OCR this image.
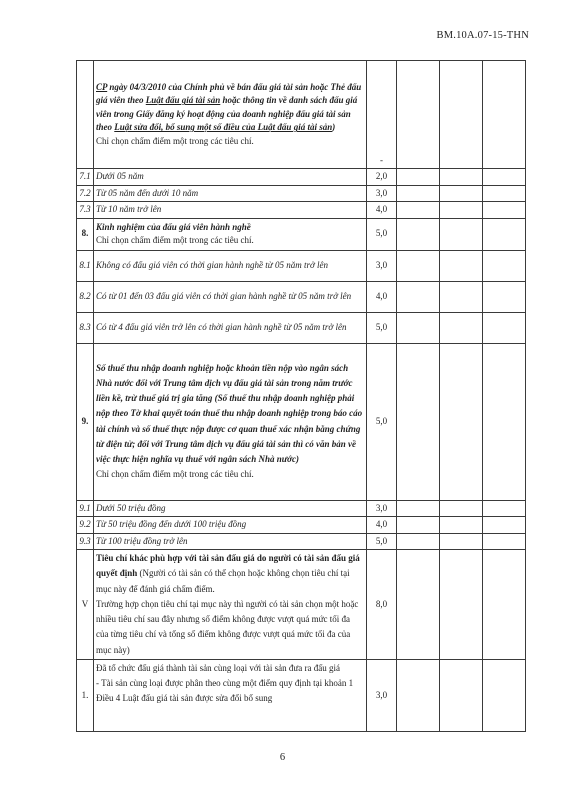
BM.10A.07-15-THN
	CP ngày 04/3/2010 của Chính phủ về bán đấu giá tài sản hoặc Thẻ đấu giá viên theo Luật đấu giá tài sản hoặc thông tin về danh sách đấu giá viên trong Giấy đăng ký hoạt động của doanh nghiệp đấu giá tài sản theo Luật sửa đổi, bổ sung một số điều của Luật đấu giá tài sản)
Chỉ chọn chấm điểm một trong các tiêu chí.	-			
7.1	Dưới 05 năm	2,0			
7.2	Từ 05 năm đến dưới 10 năm	3,0			
7.3	Từ 10 năm trở lên	4,0			
8.	Kinh nghiệm của đấu giá viên hành nghề
Chỉ chọn chấm điểm một trong các tiêu chí.	5,0			
8.1	Không có đấu giá viên có thời gian hành nghề từ 05 năm trở lên	3,0			
8.2	Có từ 01 đến 03 đấu giá viên có thời gian hành nghề từ 05 năm trở lên	4,0			
8.3	Có từ 4 đấu giá viên trở lên có thời gian hành nghề từ 05 năm trở lên	5,0			
9.	Số thuế thu nhập doanh nghiệp hoặc khoản tiền nộp vào ngân sách Nhà nước đối với Trung tâm dịch vụ đấu giá tài sản trong năm trước liền kề, trừ thuế giá trị gia tăng (Số thuế thu nhập doanh nghiệp phải nộp theo Tờ khai quyết toán thuế thu nhập doanh nghiệp trong báo cáo tài chính và số thuế thực nộp được cơ quan thuế xác nhận bằng chứng từ điện tử; đối với Trung tâm dịch vụ đấu giá tài sản thì có văn bản về việc thực hiện nghĩa vụ thuế với ngân sách Nhà nước)
Chỉ chọn chấm điểm một trong các tiêu chí.	5,0			
9.1	Dưới 50 triệu đồng	3,0			
9.2	Từ 50 triệu đồng đến dưới 100 triệu đồng	4,0			
9.3	Từ 100 triệu đồng trở lên	5,0			
V	Tiêu chí khác phù hợp với tài sản đấu giá do người có tài sản đấu giá quyết định (Người có tài sản có thể chọn hoặc không chọn tiêu chí tại mục này để đánh giá chấm điểm.
Trường hợp chọn tiêu chí tại mục này thì người có tài sản chọn một hoặc nhiều tiêu chí sau đây nhưng số điểm không được vượt quá mức tối đa của từng tiêu chí và tổng số điểm không được vượt quá mức tối đa của mục này)	8,0			
1.	Đã tổ chức đấu giá thành tài sản cùng loại với tài sản đưa ra đấu giá
- Tài sản cùng loại được phân theo cùng một điểm quy định tại khoản 1 Điều 4 Luật đấu giá tài sản được sửa đổi bổ sung	3,0			
6
